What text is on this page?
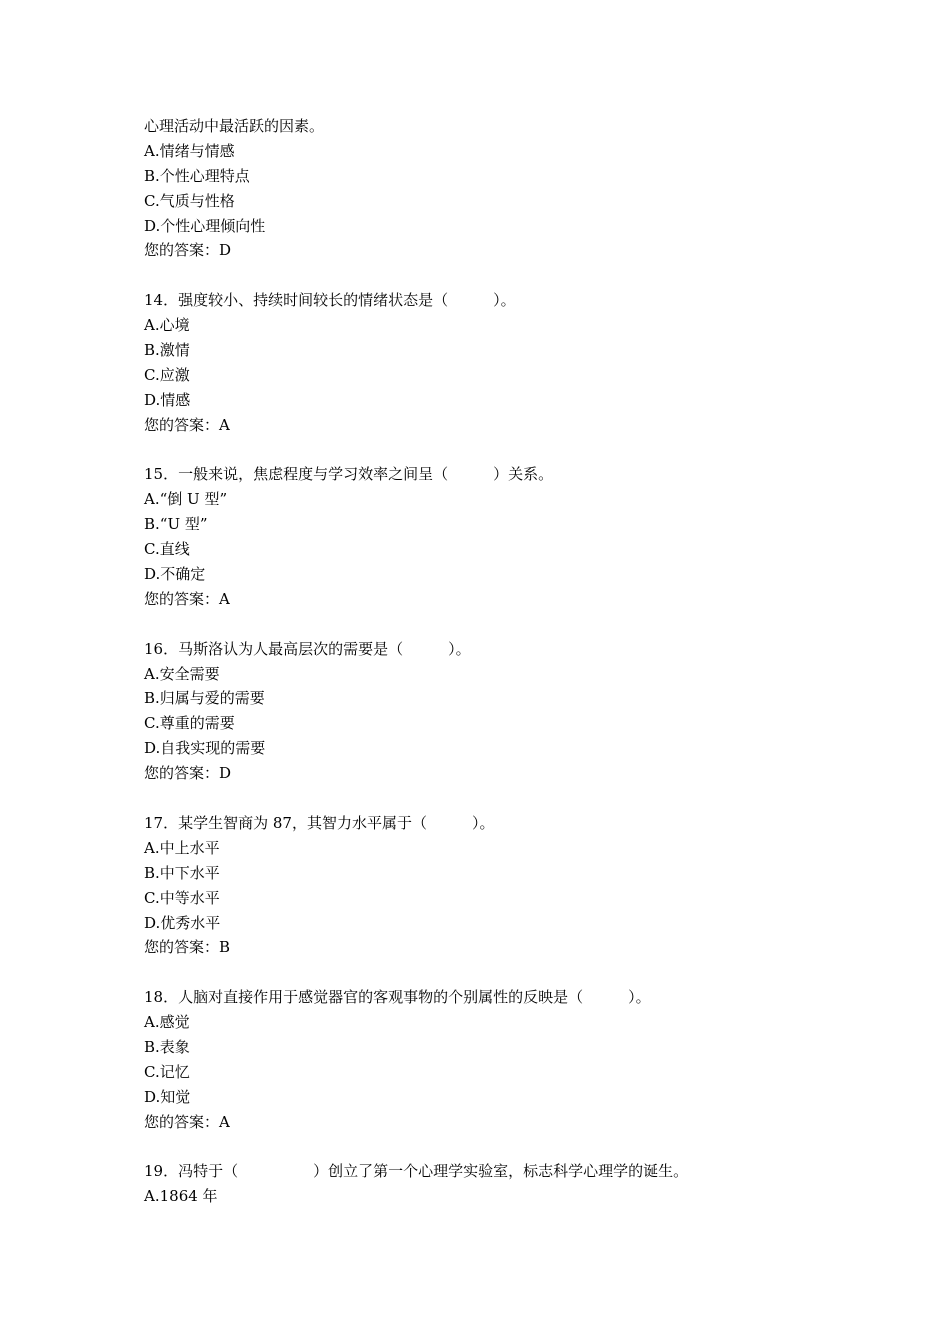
心理活动中最活跃的因素。
A.情绪与情感
B.个性心理特点
C.气质与性格
D.个性心理倾向性
您的答案：D
14．强度较小、持续时间较长的情绪状态是（　　　）。
A.心境
B.激情
C.应激
D.情感
您的答案：A
15．一般来说，焦虑程度与学习效率之间呈（　　　）关系。
A.“倒 U 型”
B.“U 型”
C.直线
D.不确定
您的答案：A
16．马斯洛认为人最高层次的需要是（　　　）。
A.安全需要
B.归属与爱的需要
C.尊重的需要
D.自我实现的需要
您的答案：D
17．某学生智商为 87，其智力水平属于（　　　）。
A.中上水平
B.中下水平
C.中等水平
D.优秀水平
您的答案：B
18．人脑对直接作用于感觉器官的客观事物的个别属性的反映是（　　　）。
A.感觉
B.表象
C.记忆
D.知觉
您的答案：A
19．冯特于（　　　　　）创立了第一个心理学实验室，标志科学心理学的诞生。
A.1864 年
